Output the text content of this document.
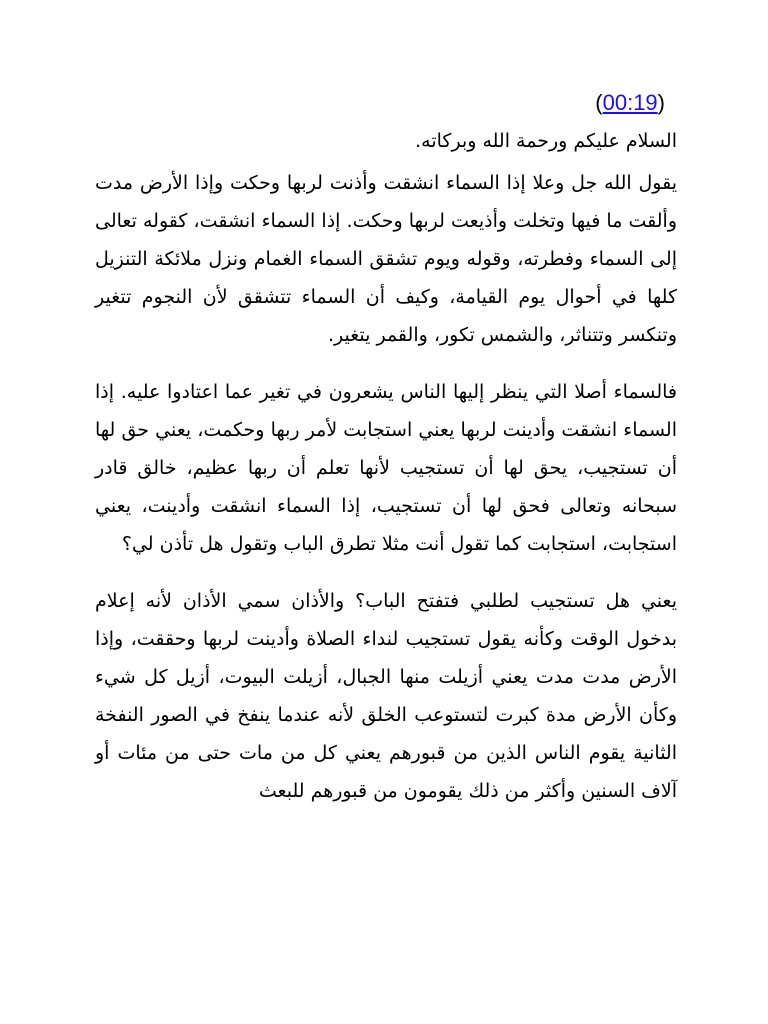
(00:19)

السلام عليكم ورحمة الله وبركاته.

يقول الله جل وعلا إذا السماء انشقت وأذنت لربها وحكت وإذا الأرض مدت وألقت ما فيها وتخلت وأذيعت لربها وحكت. إذا السماء انشقت، كقوله تعالى إلى السماء وفطرته، وقوله ويوم تشقق السماء الغمام ونزل ملائكة التنزيل كلها في أحوال يوم القيامة، وكيف أن السماء تتشقق لأن النجوم تتغير وتنكسر وتتناثر، والشمس تكور، والقمر يتغير.

فالسماء أصلا التي ينظر إليها الناس يشعرون في تغير عما اعتادوا عليه. إذا السماء انشقت وأدينت لربها يعني استجابت لأمر ربها وحكمت، يعني حق لها أن تستجيب، يحق لها أن تستجيب لأنها تعلم أن ربها عظيم، خالق قادر سبحانه وتعالى فحق لها أن تستجيب، إذا السماء انشقت وأدينت، يعني استجابت، استجابت كما تقول أنت مثلا تطرق الباب وتقول هل تأذن لي؟

يعني هل تستجيب لطلبي فتفتح الباب؟ والأذان سمي الأذان لأنه إعلام بدخول الوقت وكأنه يقول تستجيب لنداء الصلاة وأدينت لربها وحققت، وإذا الأرض مدت مدت يعني أزيلت منها الجبال، أزيلت البيوت، أزيل كل شيء وكأن الأرض مدة كبرت لتستوعب الخلق لأنه عندما ينفخ في الصور النفخة الثانية يقوم الناس الذين من قبورهم يعني كل من مات حتى من مئات أو آلاف السنين وأكثر من ذلك يقومون من قبورهم للبعث
